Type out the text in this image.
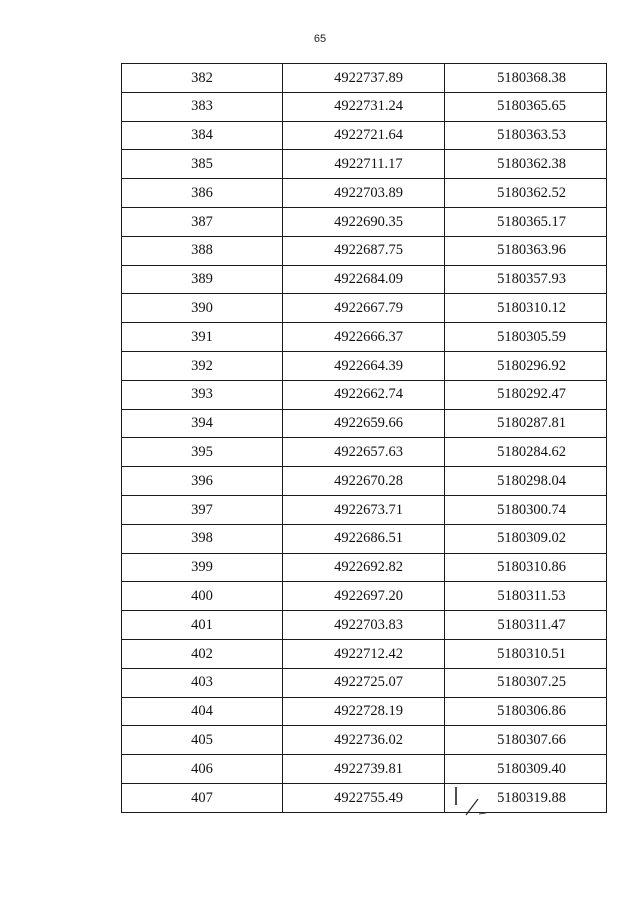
65
382	4922737.89	5180368.38
383	4922731.24	5180365.65
384	4922721.64	5180363.53
385	4922711.17	5180362.38
386	4922703.89	5180362.52
387	4922690.35	5180365.17
388	4922687.75	5180363.96
389	4922684.09	5180357.93
390	4922667.79	5180310.12
391	4922666.37	5180305.59
392	4922664.39	5180296.92
393	4922662.74	5180292.47
394	4922659.66	5180287.81
395	4922657.63	5180284.62
396	4922670.28	5180298.04
397	4922673.71	5180300.74
398	4922686.51	5180309.02
399	4922692.82	5180310.86
400	4922697.20	5180311.53
401	4922703.83	5180311.47
402	4922712.42	5180310.51
403	4922725.07	5180307.25
404	4922728.19	5180306.86
405	4922736.02	5180307.66
406	4922739.81	5180309.40
407	4922755.49	5180319.88
